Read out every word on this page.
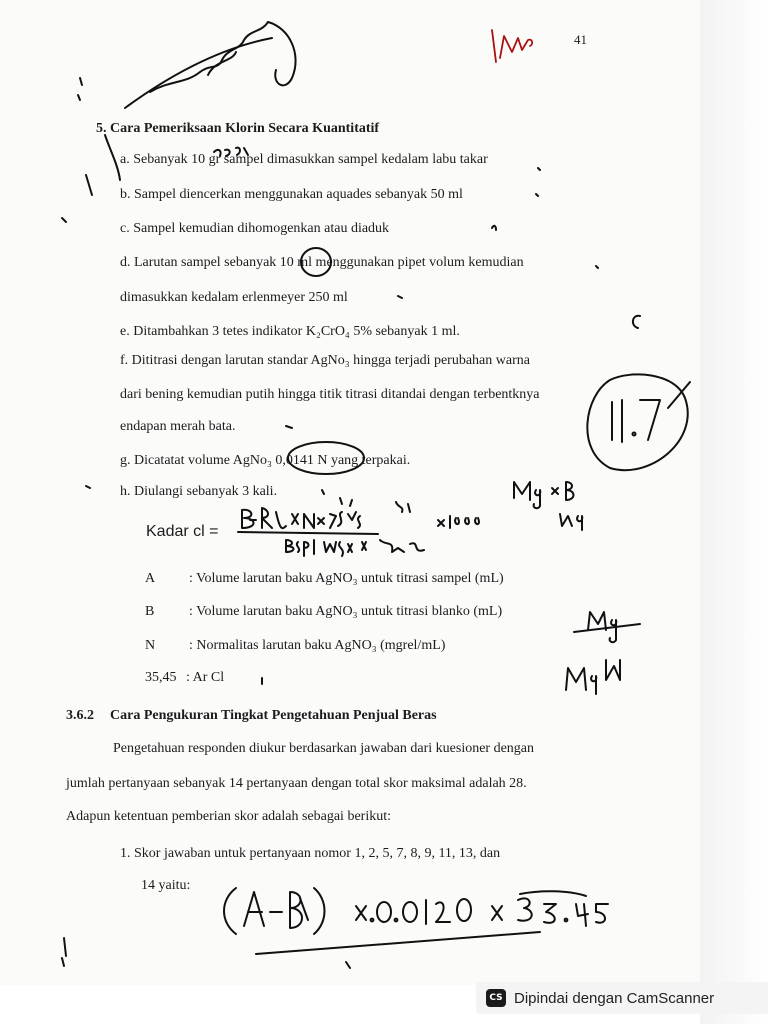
41
5. Cara Pemeriksaan Klorin Secara Kuantitatif
a. Sebanyak 10 gr sampel dimasukkan sampel kedalam labu takar
b. Sampel diencerkan menggunakan aquades sebanyak 50 ml
c. Sampel kemudian dihomogenkan atau diaduk
d. Larutan sampel sebanyak 10 ml menggunakan pipet volum kemudian
dimasukkan kedalam erlenmeyer 250 ml
e. Ditambahkan 3 tetes indikator K₂CrO₄ 5% sebanyak 1 ml.
f. Dititrasi dengan larutan standar AgNo₃ hingga terjadi perubahan warna
dari bening kemudian putih hingga titik titrasi ditandai dengan terbentknya
endapan merah bata.
g. Dicatatat volume AgNo₃ 0,0141 N yang terpakai.
h. Diulangi sebanyak 3 kali.
Kadar cl =
A : Volume larutan baku AgNO₃ untuk titrasi sampel (mL)
B : Volume larutan baku AgNO₃ untuk titrasi blanko (mL)
N : Normalitas larutan baku AgNO₃ (mgrel/mL)
35,45 : Ar Cl
3.6.2 Cara Pengukuran Tingkat Pengetahuan Penjual Beras
Pengetahuan responden diukur berdasarkan jawaban dari kuesioner dengan
jumlah pertanyaan sebanyak 14 pertanyaan dengan total skor maksimal adalah 28.
Adapun ketentuan pemberian skor adalah sebagai berikut:
1. Skor jawaban untuk pertanyaan nomor 1, 2, 5, 7, 8, 9, 11, 13, dan
14 yaitu:
CS Dipindai dengan CamScanner
